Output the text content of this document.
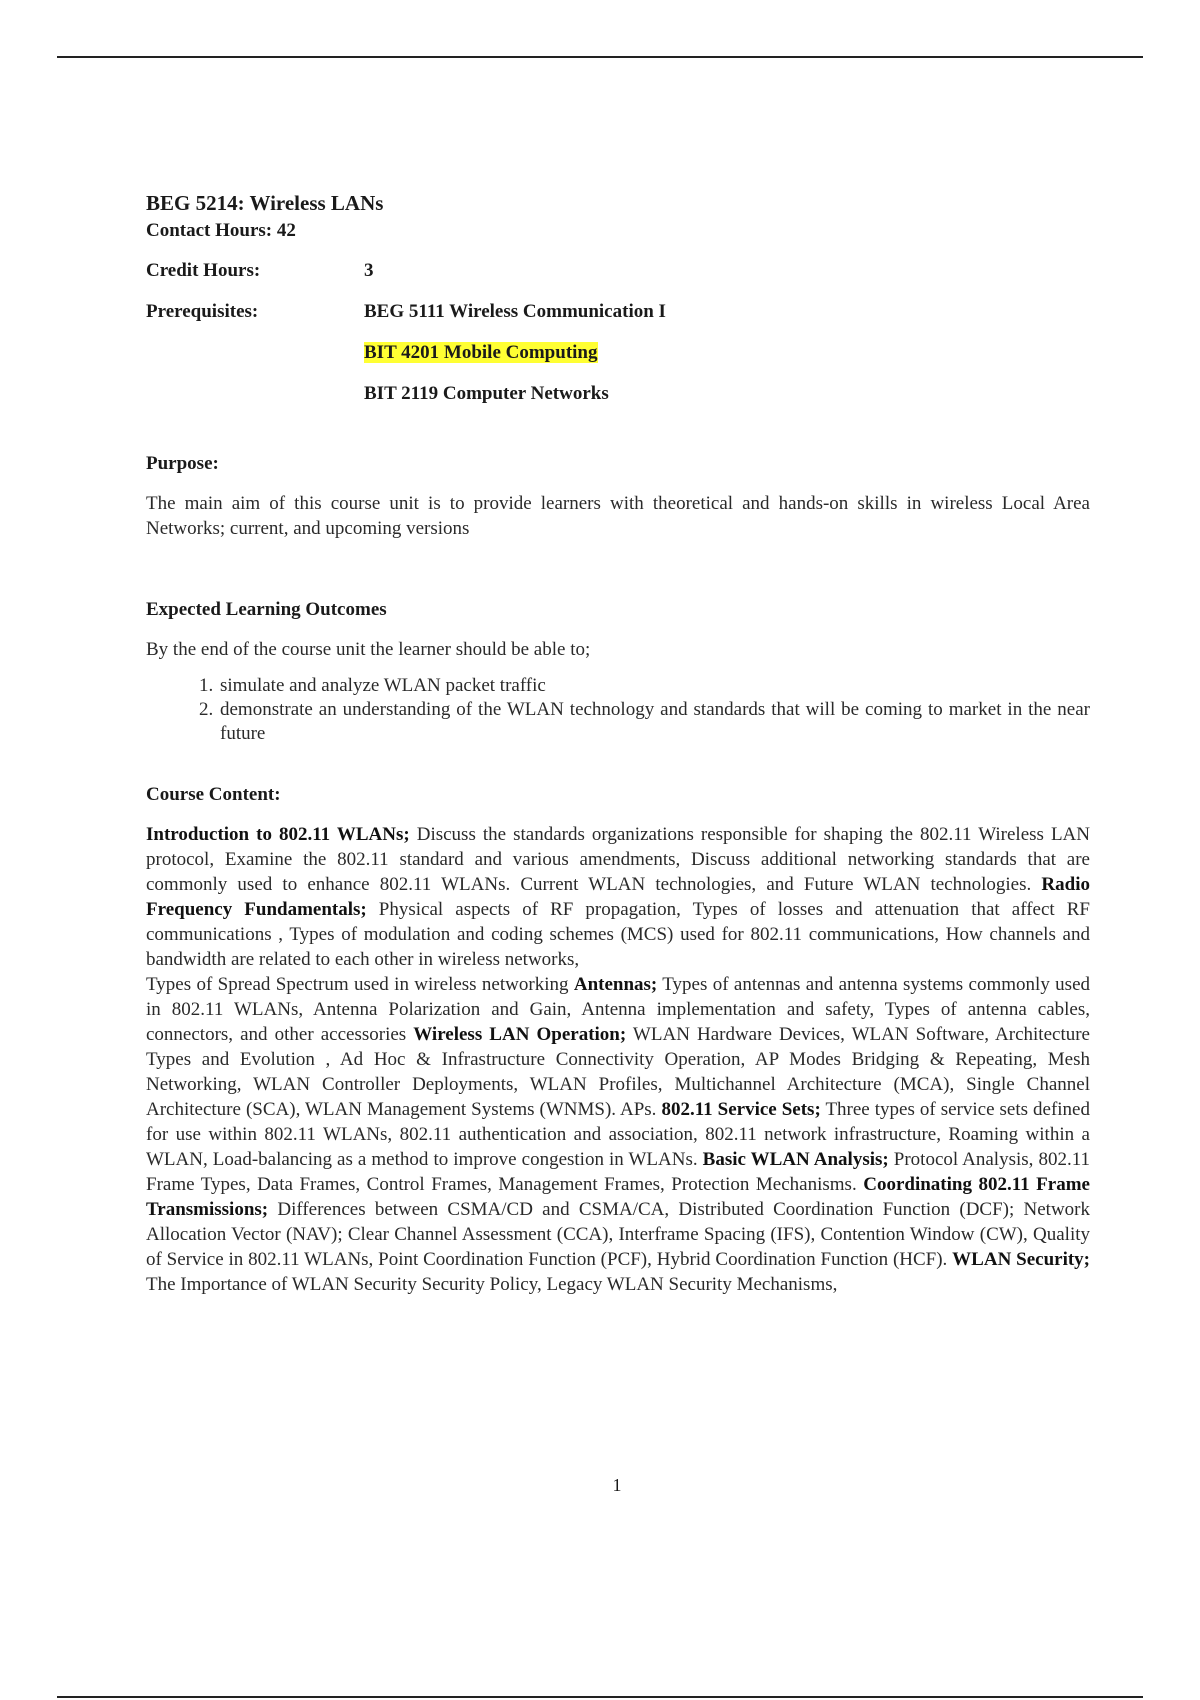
BEG 5214: Wireless LANs

Contact Hours: 42

Credit Hours:	3
Prerequisites:	BEG 5111 Wireless Communication I
BIT 4201 Mobile Computing
BIT 2119 Computer Networks

Purpose:

The main aim of this course unit is to provide learners with theoretical and hands-on skills in wireless Local Area Networks; current, and upcoming versions

Expected Learning Outcomes

By the end of the course unit the learner should be able to;

1. simulate and analyze WLAN packet traffic
2. demonstrate an understanding of the WLAN technology and standards that will be coming to market in the near future

Course Content:

Introduction to 802.11 WLANs; Discuss the standards organizations responsible for shaping the 802.11 Wireless LAN protocol, Examine the 802.11 standard and various amendments, Discuss additional networking standards that are commonly used to enhance 802.11 WLANs. Current WLAN technologies, and Future WLAN technologies. Radio Frequency Fundamentals; Physical aspects of RF propagation, Types of losses and attenuation that affect RF communications , Types of modulation and coding schemes (MCS) used for 802.11 communications, How channels and bandwidth are related to each other in wireless networks,
Types of Spread Spectrum used in wireless networking Antennas; Types of antennas and antenna systems commonly used in 802.11 WLANs, Antenna Polarization and Gain, Antenna implementation and safety, Types of antenna cables, connectors, and other accessories Wireless LAN Operation; WLAN Hardware Devices, WLAN Software, Architecture Types and Evolution , Ad Hoc & Infrastructure Connectivity Operation, AP Modes Bridging & Repeating, Mesh Networking, WLAN Controller Deployments, WLAN Profiles, Multichannel Architecture (MCA), Single Channel Architecture (SCA), WLAN Management Systems (WNMS). APs. 802.11 Service Sets; Three types of service sets defined for use within 802.11 WLANs, 802.11 authentication and association, 802.11 network infrastructure, Roaming within a WLAN, Load-balancing as a method to improve congestion in WLANs. Basic WLAN Analysis; Protocol Analysis, 802.11 Frame Types, Data Frames, Control Frames, Management Frames, Protection Mechanisms. Coordinating 802.11 Frame Transmissions; Differences between CSMA/CD and CSMA/CA, Distributed Coordination Function (DCF); Network Allocation Vector (NAV); Clear Channel Assessment (CCA), Interframe Spacing (IFS), Contention Window (CW), Quality of Service in 802.11 WLANs, Point Coordination Function (PCF), Hybrid Coordination Function (HCF). WLAN Security; The Importance of WLAN Security Security Policy, Legacy WLAN Security Mechanisms,
1
